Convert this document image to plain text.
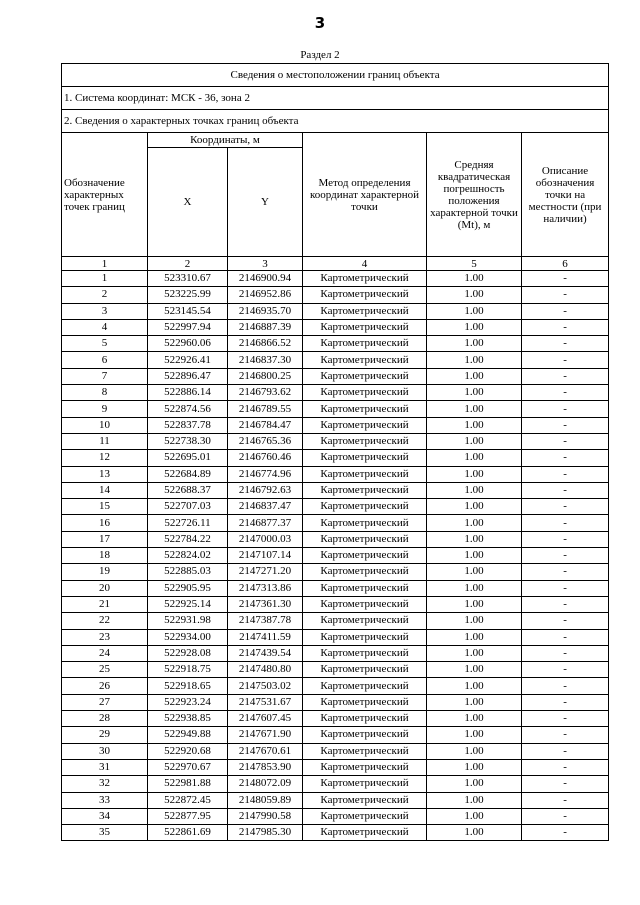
3
Раздел 2
Сведения о местоположении границ объекта					
1. Система координат: МСК - 36, зона 2					
2. Сведения о характерных точках границ объекта					
Обозначение характерных точек границ	Координаты, м		Метод определения координат характерной точки	Средняя квадратическая погрешность положения характерной точки (Mt), м	Описание обозначения точки на местности (при наличии)
	X	Y			
1	2	3	4	5	6
1	523310.67	2146900.94	Картометрический	1.00	-
2	523225.99	2146952.86	Картометрический	1.00	-
3	523145.54	2146935.70	Картометрический	1.00	-
4	522997.94	2146887.39	Картометрический	1.00	-
5	522960.06	2146866.52	Картометрический	1.00	-
6	522926.41	2146837.30	Картометрический	1.00	-
7	522896.47	2146800.25	Картометрический	1.00	-
8	522886.14	2146793.62	Картометрический	1.00	-
9	522874.56	2146789.55	Картометрический	1.00	-
10	522837.78	2146784.47	Картометрический	1.00	-
11	522738.30	2146765.36	Картометрический	1.00	-
12	522695.01	2146760.46	Картометрический	1.00	-
13	522684.89	2146774.96	Картометрический	1.00	-
14	522688.37	2146792.63	Картометрический	1.00	-
15	522707.03	2146837.47	Картометрический	1.00	-
16	522726.11	2146877.37	Картометрический	1.00	-
17	522784.22	2147000.03	Картометрический	1.00	-
18	522824.02	2147107.14	Картометрический	1.00	-
19	522885.03	2147271.20	Картометрический	1.00	-
20	522905.95	2147313.86	Картометрический	1.00	-
21	522925.14	2147361.30	Картометрический	1.00	-
22	522931.98	2147387.78	Картометрический	1.00	-
23	522934.00	2147411.59	Картометрический	1.00	-
24	522928.08	2147439.54	Картометрический	1.00	-
25	522918.75	2147480.80	Картометрический	1.00	-
26	522918.65	2147503.02	Картометрический	1.00	-
27	522923.24	2147531.67	Картометрический	1.00	-
28	522938.85	2147607.45	Картометрический	1.00	-
29	522949.88	2147671.90	Картометрический	1.00	-
30	522920.68	2147670.61	Картометрический	1.00	-
31	522970.67	2147853.90	Картометрический	1.00	-
32	522981.88	2148072.09	Картометрический	1.00	-
33	522872.45	2148059.89	Картометрический	1.00	-
34	522877.95	2147990.58	Картометрический	1.00	-
35	522861.69	2147985.30	Картометрический	1.00	-
